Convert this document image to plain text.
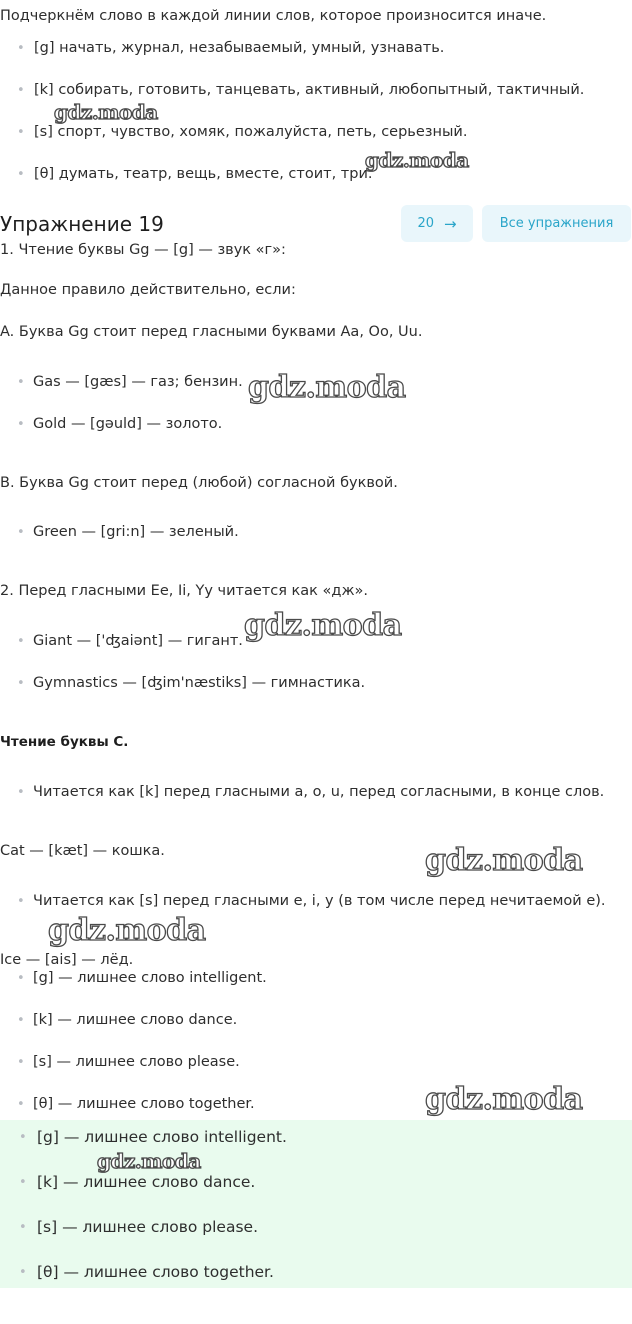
Подчеркнём слово в каждой линии слов, которое произносится иначе.
• [g] начать, журнал, незабываемый, умный, узнавать.
• [k] собирать, готовить, танцевать, активный, любопытный, тактичный.
• [s] спорт, чувство, хомяк, пожалуйста, петь, серьезный.
• [θ] думать, театр, вещь, вместе, стоит, три.
gdz.moda
gdz.moda
Упражнение 19	20 →	Все упражнения
1. Чтение буквы Gg — [g] — звук «г»:
Данное правило действительно, если:
A. Буква Gg стоит перед гласными буквами Aa, Oo, Uu.
• Gas — [gæs] — газ; бензин.
• Gold — [gəuld] — золото.
gdz.moda
B. Буква Gg стоит перед (любой) согласной буквой.
• Green — [gri:n] — зеленый.
2. Перед гласными Ee, Ii, Yy читается как «дж».
• Giant — ['ʤaiənt] — гигант.
• Gymnastics — [ʤim'næstiks] — гимнастика.
gdz.moda
Чтение буквы С.
• Читается как [k] перед гласными a, o, u, перед согласными, в конце слов.
Cat — [kæt] — кошка.	gdz.moda
• Читается как [s] перед гласными e, i, y (в том числе перед нечитаемой e).
Ice — [ais] — лёд.
gdz.moda
• [g] — лишнее слово intelligent.
• [k] — лишнее слово dance.
• [s] — лишнее слово please.
• [θ] — лишнее слово together.	gdz.moda
• [g] — лишнее слово intelligent.
• [k] — лишнее слово dance.
• [s] — лишнее слово please.
• [θ] — лишнее слово together.
gdz.moda
